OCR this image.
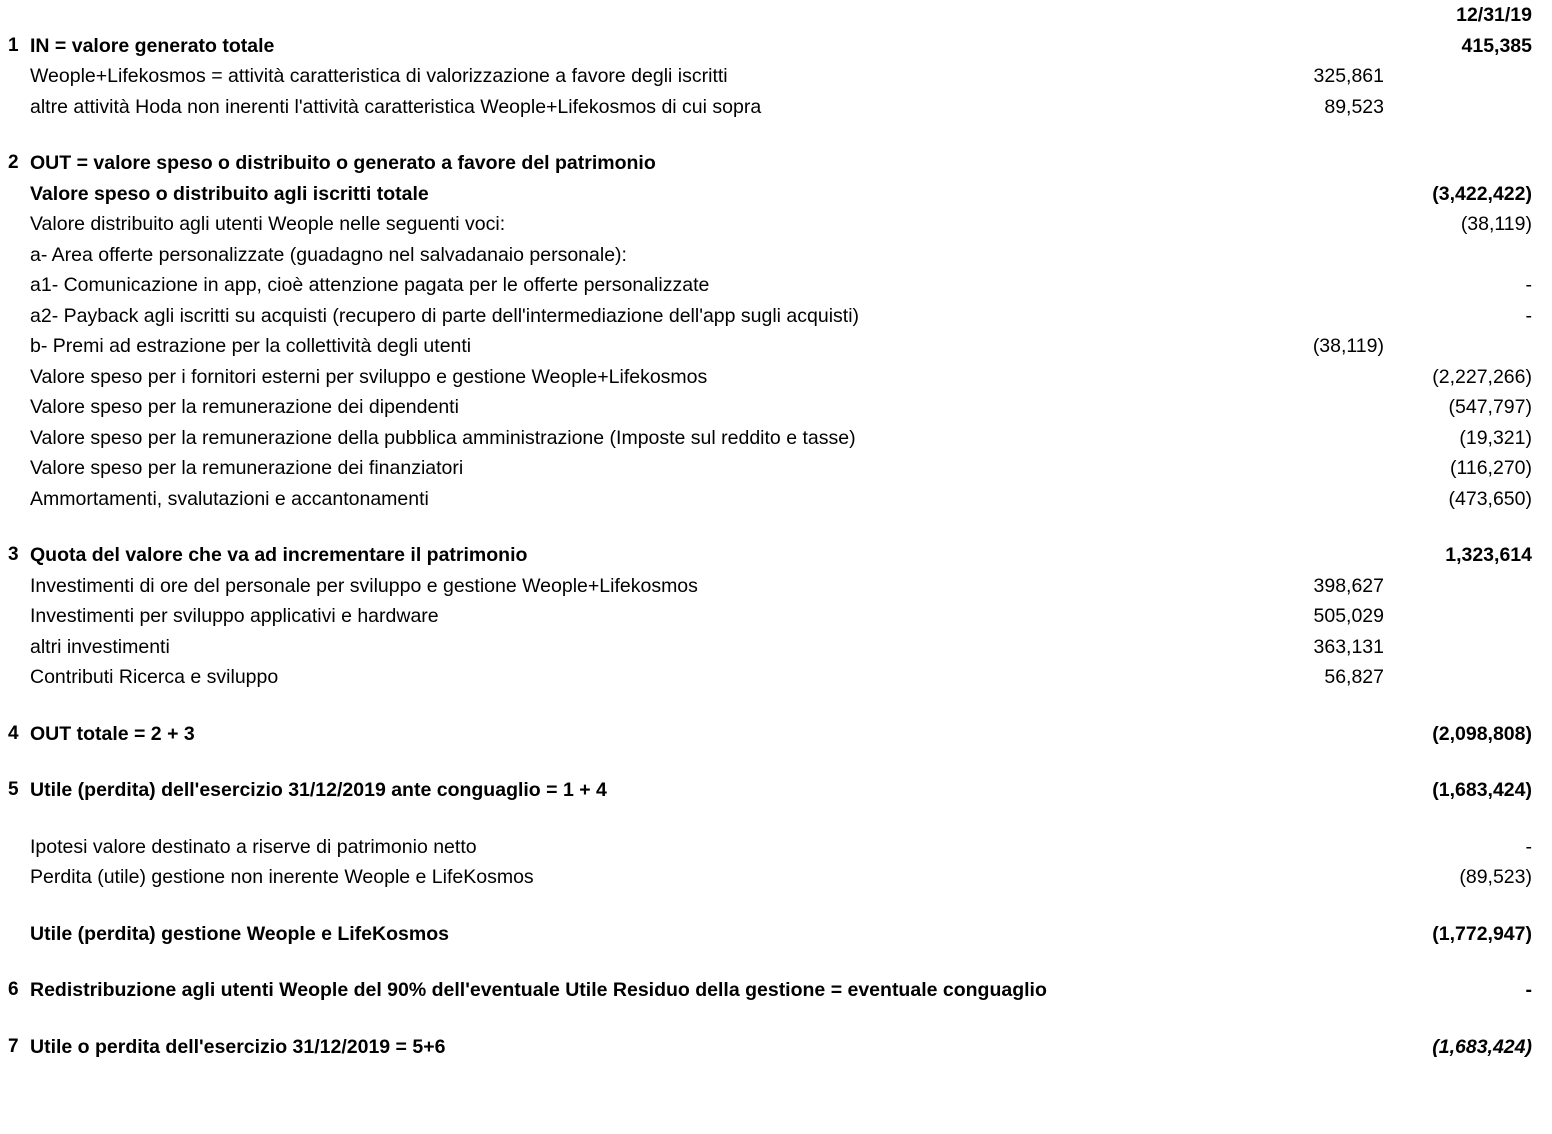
			12/31/19
1	IN = valore generato totale		415,385
	Weople+Lifekosmos = attività caratteristica di valorizzazione a favore degli iscritti	325,861	
	altre attività Hoda non inerenti l'attività caratteristica Weople+Lifekosmos di cui sopra	89,523	

2	OUT = valore speso o distribuito o generato a favore del patrimonio		
	Valore speso o distribuito agli iscritti totale		(3,422,422)
	Valore distribuito agli utenti Weople nelle seguenti voci:		(38,119)
	a- Area offerte personalizzate (guadagno nel salvadanaio personale):		
	a1- Comunicazione in app, cioè attenzione pagata per le offerte personalizzate		-
	a2- Payback agli iscritti su acquisti (recupero di parte dell'intermediazione dell'app sugli acquisti)		-
	b- Premi ad estrazione per la collettività degli utenti	(38,119)	
	Valore speso per i fornitori esterni per sviluppo e gestione Weople+Lifekosmos		(2,227,266)
	Valore speso per la remunerazione dei dipendenti		(547,797)
	Valore speso per la remunerazione della pubblica amministrazione (Imposte sul reddito e tasse)		(19,321)
	Valore speso per la remunerazione dei finanziatori		(116,270)
	Ammortamenti, svalutazioni e accantonamenti		(473,650)

3	Quota del valore che va ad incrementare il patrimonio		1,323,614
	Investimenti di ore del personale per sviluppo e gestione Weople+Lifekosmos	398,627	
	Investimenti per sviluppo applicativi e hardware	505,029	
	altri investimenti	363,131	
	Contributi Ricerca e sviluppo	56,827	

4	OUT totale = 2 + 3		(2,098,808)

5	Utile (perdita) dell'esercizio 31/12/2019 ante conguaglio = 1 + 4		(1,683,424)

	Ipotesi valore destinato a riserve di patrimonio netto		-
	Perdita (utile) gestione non inerente Weople e LifeKosmos		(89,523)

	Utile (perdita) gestione Weople e LifeKosmos		(1,772,947)

6	Redistribuzione agli utenti Weople del 90% dell'eventuale Utile Residuo della gestione = eventuale conguaglio		-

7	Utile o perdita dell'esercizio 31/12/2019 = 5+6		(1,683,424)
